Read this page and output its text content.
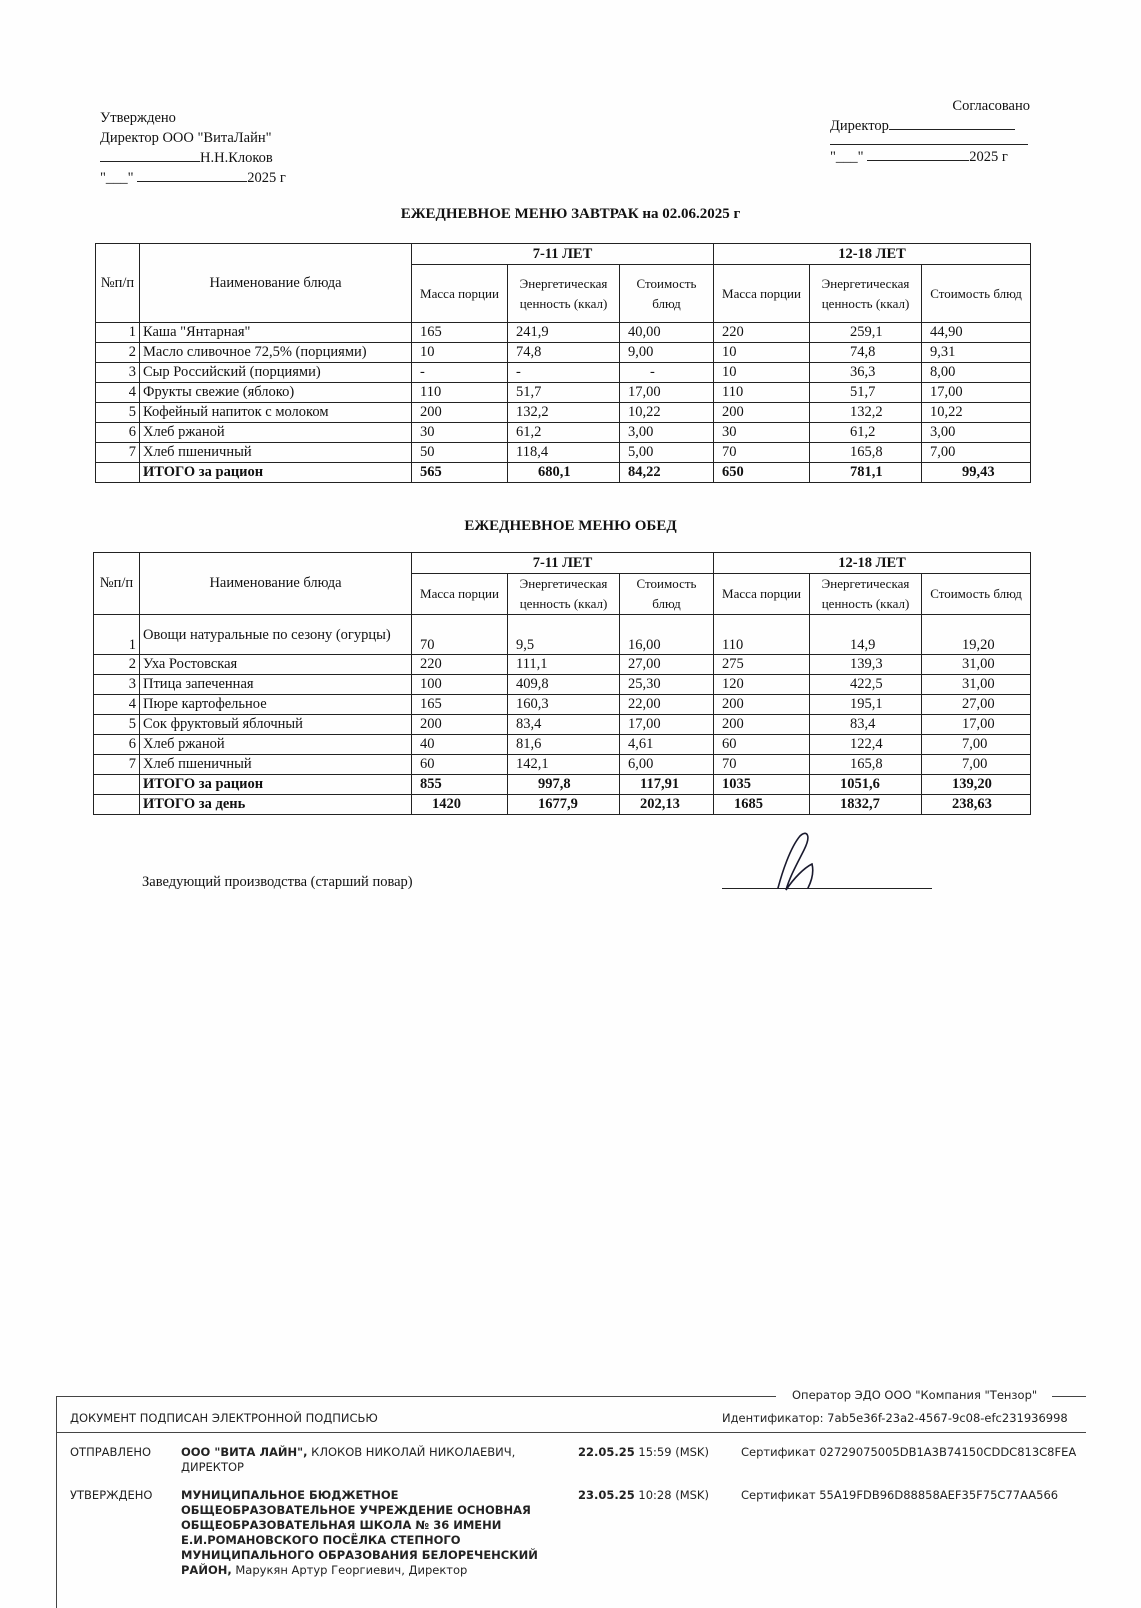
Утверждено
Директор ООО "ВитаЛайн"
Н.Н.Клоков
"___"	2025 г
Согласовано
Директор
"___"	2025 г
ЕЖЕДНЕВНОЕ МЕНЮ ЗАВТРАК на 02.06.2025 г
№п/п	Наименование блюда	7-11 ЛЕТ			12-18 ЛЕТ		
		Масса порции	Энергетическая ценность (ккал)	Стоимость блюд	Масса порции	Энергетическая ценность (ккал)	Стоимость блюд
1	Каша "Янтарная"	165	241,9	40,00	220	259,1	44,90
2	Масло сливочное 72,5% (порциями)	10	74,8	9,00	10	74,8	9,31
3	Сыр Российский (порциями)	-	-	-	10	36,3	8,00
4	Фрукты свежие (яблоко)	110	51,7	17,00	110	51,7	17,00
5	Кофейный напиток с молоком	200	132,2	10,22	200	132,2	10,22
6	Хлеб ржаной	30	61,2	3,00	30	61,2	3,00
7	Хлеб пшеничный	50	118,4	5,00	70	165,8	7,00
	ИТОГО за рацион	565	680,1	84,22	650	781,1	99,43
ЕЖЕДНЕВНОЕ МЕНЮ ОБЕД
№п/п	Наименование блюда	7-11 ЛЕТ			12-18 ЛЕТ		
		Масса порции	Энергетическая ценность (ккал)	Стоимость блюд	Масса порции	Энергетическая ценность (ккал)	Стоимость блюд
1	Овощи натуральные по сезону (огурцы)	70	9,5	16,00	110	14,9	19,20
2	Уха Ростовская	220	111,1	27,00	275	139,3	31,00
3	Птица запеченная	100	409,8	25,30	120	422,5	31,00
4	Пюре картофельное	165	160,3	22,00	200	195,1	27,00
5	Сок фруктовый яблочный	200	83,4	17,00	200	83,4	17,00
6	Хлеб ржаной	40	81,6	4,61	60	122,4	7,00
7	Хлеб пшеничный	60	142,1	6,00	70	165,8	7,00
	ИТОГО за рацион	855	997,8	117,91	1035	1051,6	139,20
	ИТОГО за день	1420	1677,9	202,13	1685	1832,7	238,63
Заведующий производства (старший повар)
Оператор ЭДО ООО "Компания "Тензор"
ДОКУМЕНТ ПОДПИСАН ЭЛЕКТРОННОЙ ПОДПИСЬЮ	Идентификатор: 7ab5e36f-23a2-4567-9c08-efc231936998
ОТПРАВЛЕНО	ООО "ВИТА ЛАЙН", КЛОКОВ НИКОЛАЙ НИКОЛАЕВИЧ, ДИРЕКТОР
22.05.25 15:59 (MSK)	Сертификат 02729075005DB1A3B74150CDDC813C8FEA
УТВЕРЖДЕНО МУНИЦИПАЛЬНОЕ БЮДЖЕТНОЕ ОБЩЕОБРАЗОВАТЕЛЬНОЕ УЧРЕЖДЕНИЕ ОСНОВНАЯ ОБЩЕОБРАЗОВАТЕЛЬНАЯ ШКОЛА № 36 ИМЕНИ Е.И.РОМАНОВСКОГО ПОСЁЛКА СТЕПНОГО МУНИЦИПАЛЬНОГО ОБРАЗОВАНИЯ БЕЛОРЕЧЕНСКИЙ РАЙОН, Марукян Артур Георгиевич, Директор
23.05.25 10:28 (MSK)	Сертификат 55A19FDB96D88858AEF35F75C77AA566
